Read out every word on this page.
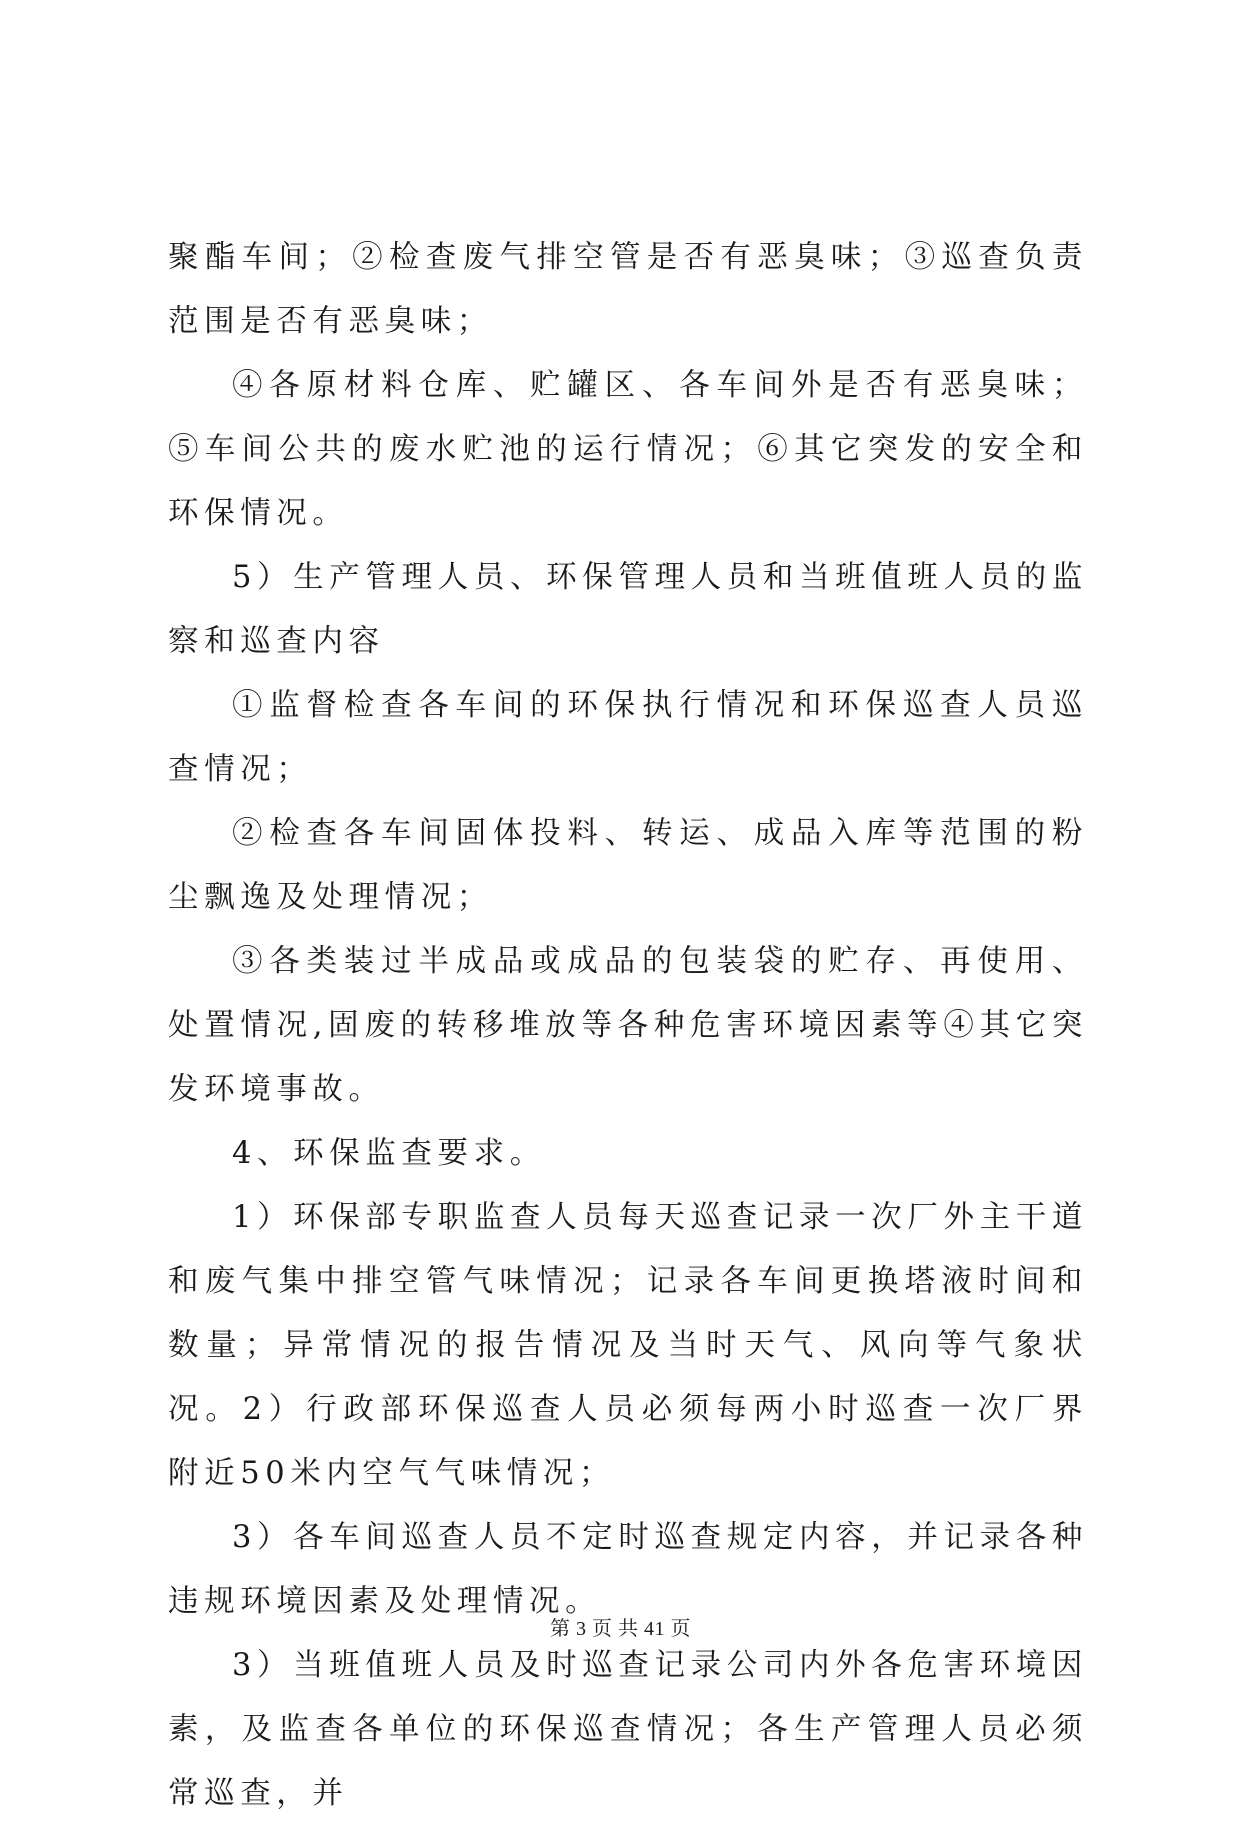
聚酯车间；②检查废气排空管是否有恶臭味；③巡查负责范围是否有恶臭味；

④各原材料仓库、贮罐区、各车间外是否有恶臭味；⑤车间公共的废水贮池的运行情况；⑥其它突发的安全和环保情况。

5）生产管理人员、环保管理人员和当班值班人员的监察和巡查内容

①监督检查各车间的环保执行情况和环保巡查人员巡查情况；

②检查各车间固体投料、转运、成品入库等范围的粉尘飘逸及处理情况；

③各类装过半成品或成品的包装袋的贮存、再使用、处置情况,固废的转移堆放等各种危害环境因素等④其它突发环境事故。

4、环保监查要求。

1）环保部专职监查人员每天巡查记录一次厂外主干道和废气集中排空管气味情况；记录各车间更换塔液时间和数量；异常情况的报告情况及当时天气、风向等气象状况。2）行政部环保巡查人员必须每两小时巡查一次厂界附近50米内空气气味情况；

3）各车间巡查人员不定时巡查规定内容，并记录各种违规环境因素及处理情况。

3）当班值班人员及时巡查记录公司内外各危害环境因素，及监查各单位的环保巡查情况；各生产管理人员必须常巡查，并

第 3 页 共 41 页
